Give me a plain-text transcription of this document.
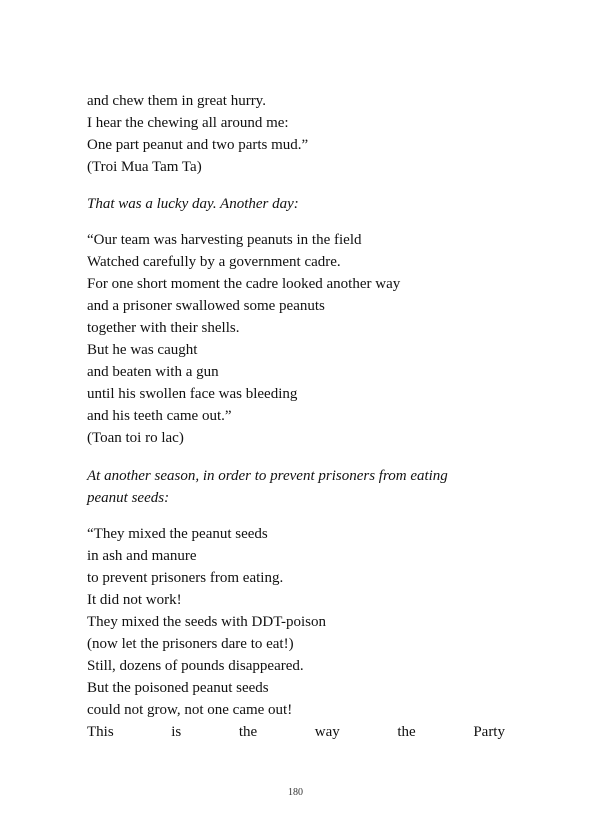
and chew them in great hurry.
I hear the chewing all around me:
One part peanut and two parts mud.”
(Troi Mua Tam Ta)
That was a lucky day. Another day:
“Our team was harvesting peanuts in the field
Watched carefully by a government cadre.
For one short moment the cadre looked another way
and a prisoner swallowed some peanuts
together with their shells.
But he was caught
and beaten with a gun
until his swollen face was bleeding
and his teeth came out.”
(Toan toi ro lac)
At another season, in order to prevent prisoners from eating
peanut seeds:
“They mixed the peanut seeds
in ash and manure
to prevent prisoners from eating.
It did not work!
They mixed the seeds with DDT-poison
(now let the prisoners dare to eat!)
Still, dozens of pounds disappeared.
But the poisoned peanut seeds
could not grow, not one came out!
This	is	the	way	the	Party
180
